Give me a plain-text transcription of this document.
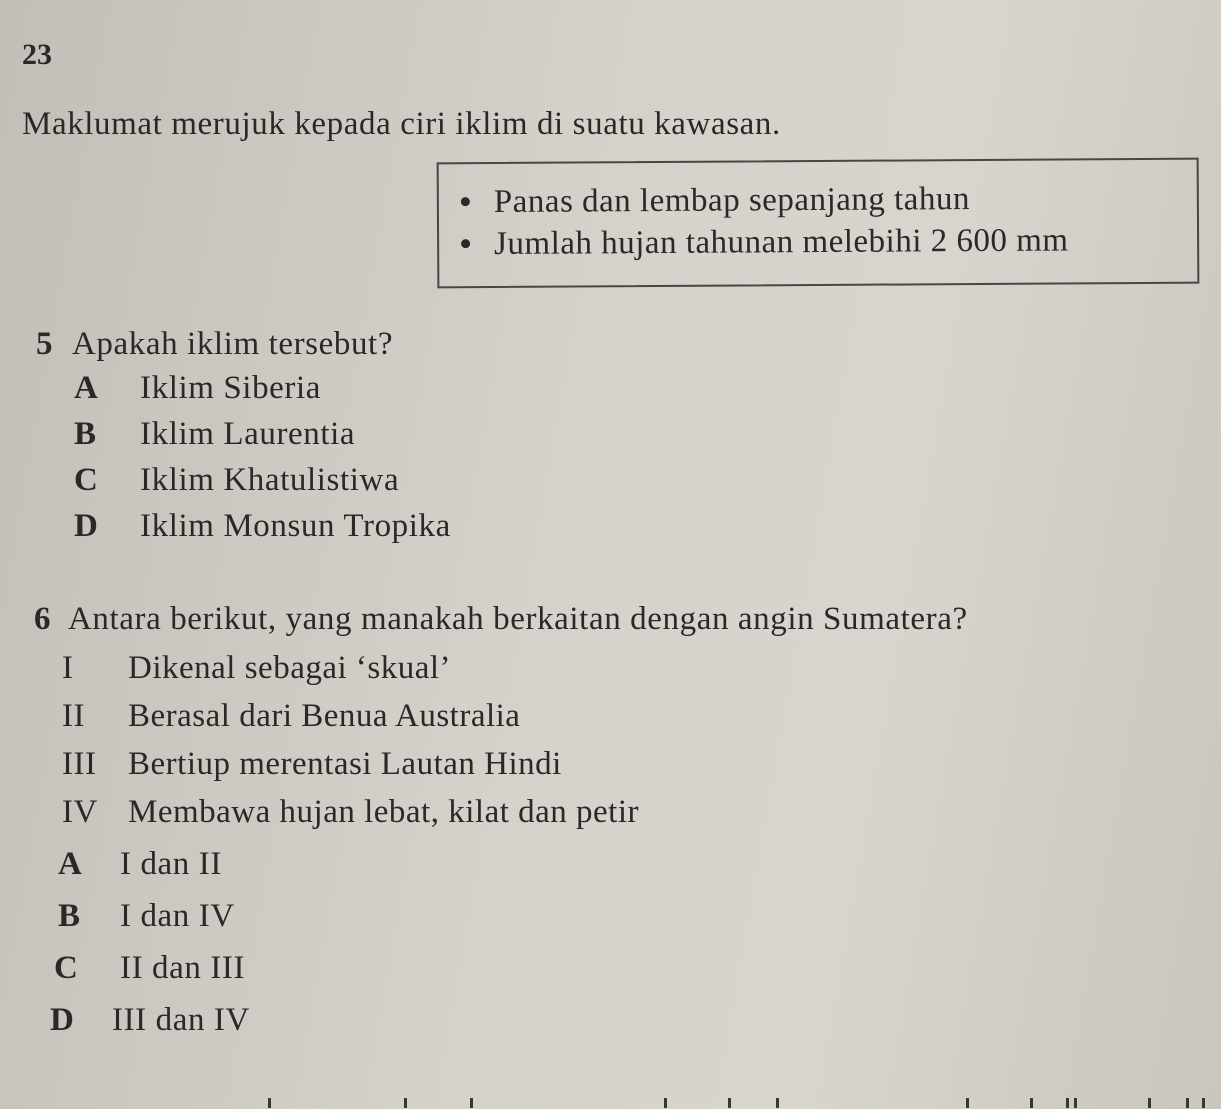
23
Maklumat merujuk kepada ciri iklim di suatu kawasan.
Panas dan lembap sepanjang tahun
Jumlah hujan tahunan melebihi 2 600 mm
5 Apakah iklim tersebut?
A Iklim Siberia
B Iklim Laurentia
C Iklim Khatulistiwa
D Iklim Monsun Tropika
6 Antara berikut, yang manakah berkaitan dengan angin Sumatera?
I Dikenal sebagai ‘skual’
II Berasal dari Benua Australia
III Bertiup merentasi Lautan Hindi
IV Membawa hujan lebat, kilat dan petir
A I dan II
B I dan IV
C II dan III
D III dan IV
